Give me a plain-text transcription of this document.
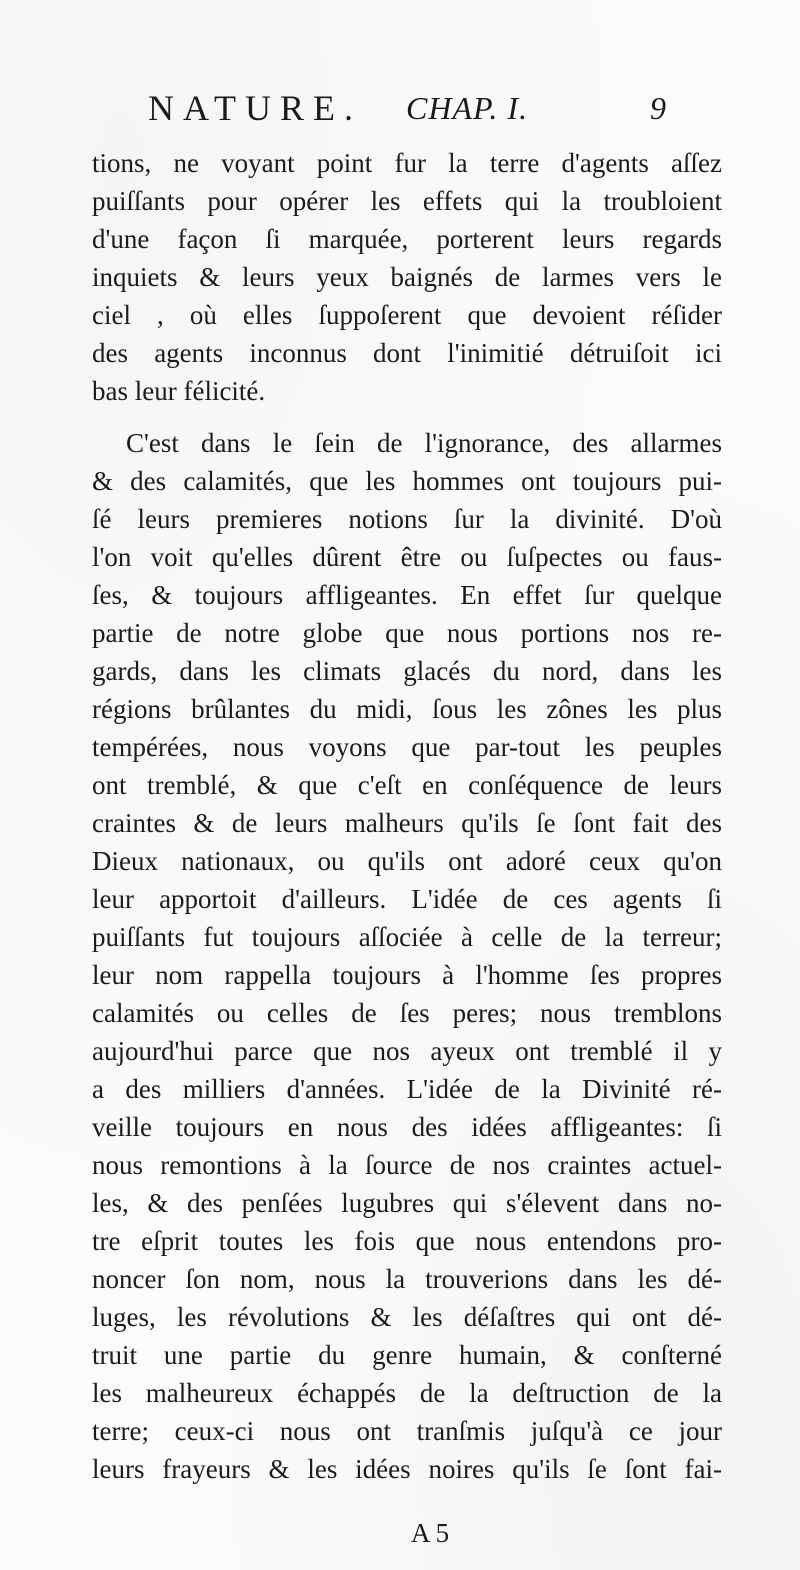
NATURE. CHAP. I.	9
tions, ne voyant point fur la terre d'agents aſſez
puiſſants pour opérer les effets qui la troubloient
d'une façon ſi marquée, porterent leurs regards
inquiets & leurs yeux baignés de larmes vers le
ciel , où elles ſuppoſerent que devoient réſider
des agents inconnus dont l'inimitié détruiſoit ici
bas leur félicité.
C'est dans le ſein de l'ignorance, des allarmes
& des calamités, que les hommes ont toujours pui-
ſé leurs premieres notions ſur la divinité. D'où
l'on voit qu'elles dûrent être ou ſuſpectes ou faus-
ſes, & toujours affligeantes. En effet ſur quelque
partie de notre globe que nous portions nos re-
gards, dans les climats glacés du nord, dans les
régions brûlantes du midi, ſous les zônes les plus
tempérées, nous voyons que par-tout les peuples
ont tremblé, & que c'eſt en conſéquence de leurs
craintes & de leurs malheurs qu'ils ſe ſont fait des
Dieux nationaux, ou qu'ils ont adoré ceux qu'on
leur apportoit d'ailleurs. L'idée de ces agents ſi
puiſſants fut toujours aſſociée à celle de la terreur;
leur nom rappella toujours à l'homme ſes propres
calamités ou celles de ſes peres; nous tremblons
aujourd'hui parce que nos ayeux ont tremblé il y
a des milliers d'années. L'idée de la Divinité ré-
veille toujours en nous des idées affligeantes: ſi
nous remontions à la ſource de nos craintes actuel-
les, & des penſées lugubres qui s'élevent dans no-
tre eſprit toutes les fois que nous entendons pro-
noncer ſon nom, nous la trouverions dans les dé-
luges, les révolutions & les déſaſtres qui ont dé-
truit une partie du genre humain, & conſterné
les malheureux échappés de la deſtruction de la
terre; ceux-ci nous ont tranſmis juſqu'à ce jour
leurs frayeurs & les idées noires qu'ils ſe ſont fai-
A 5
